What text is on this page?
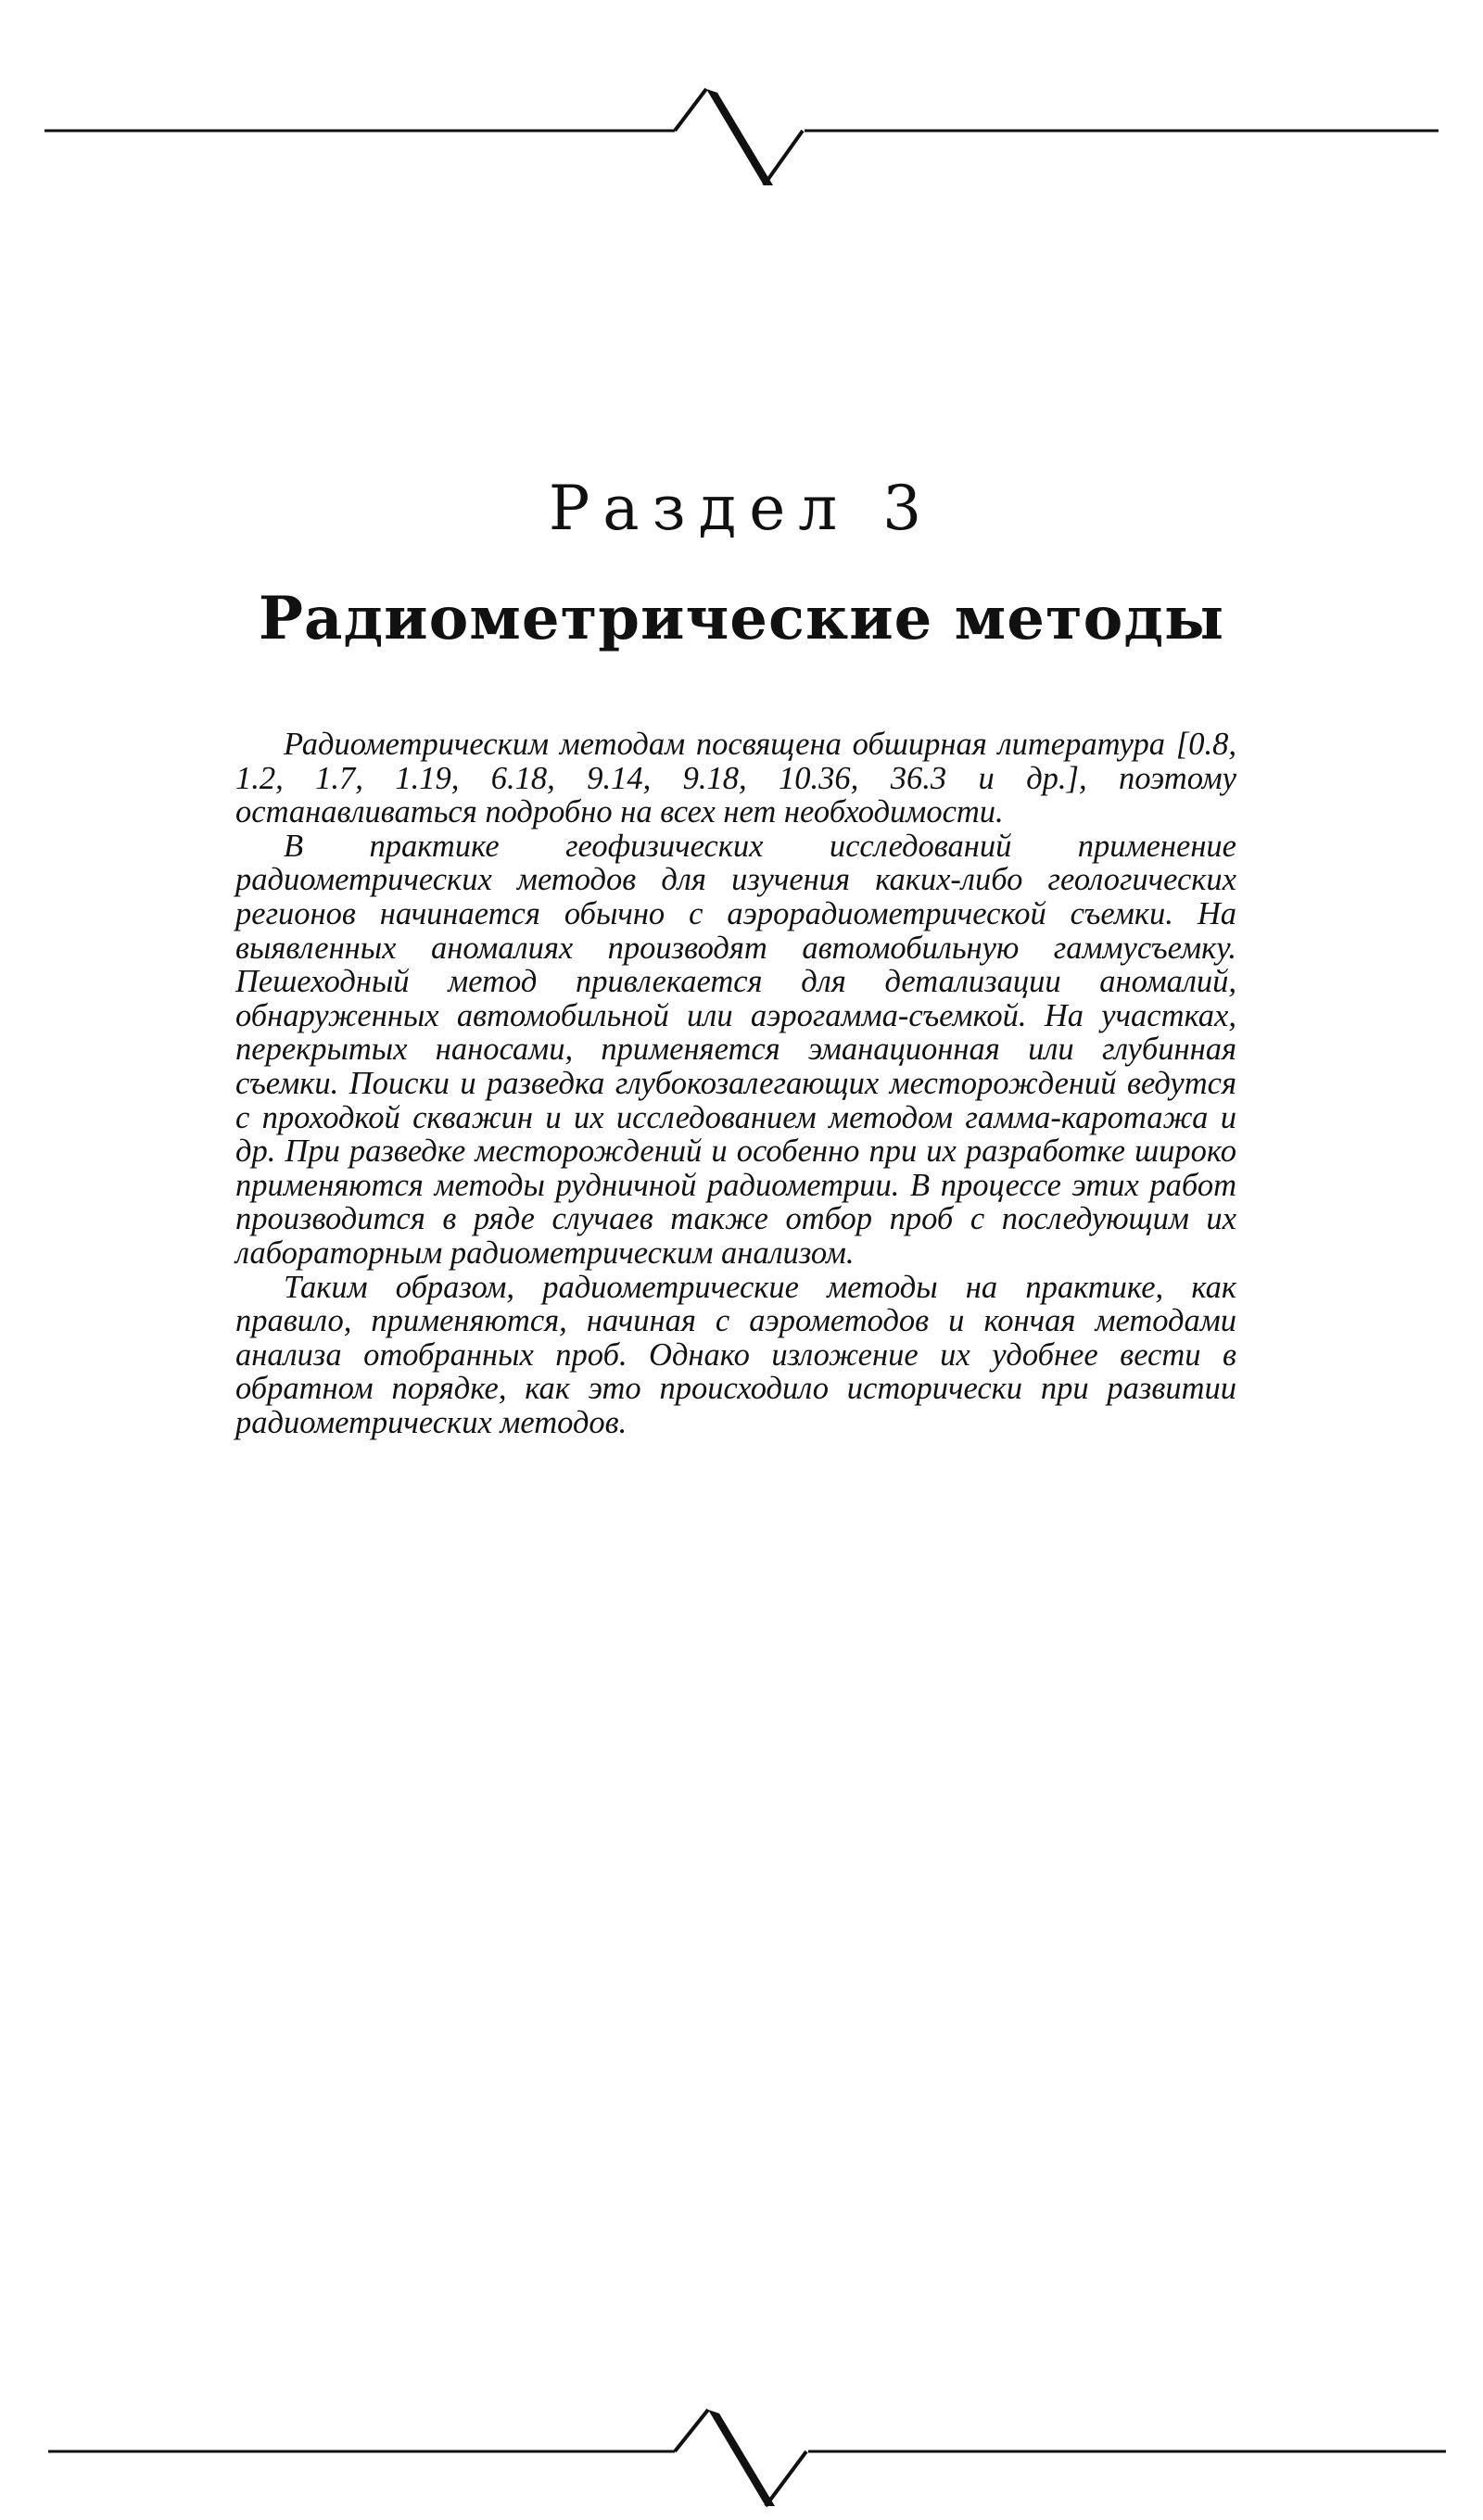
Раздел 3
Радиометрические методы

Радиометрическим методам посвящена обширная литература [0.8, 1.2, 1.7, 1.19, 6.18, 9.14, 9.18, 10.36, 36.3 и др.], поэтому останавливаться подробно на всех нет необходимости.

В практике геофизических исследований применение радиометрических методов для изучения каких-либо геологических регионов начинается обычно с аэрорадиометрической съемки. На выявленных аномалиях производят автомобильную гаммусъемку. Пешеходный метод привлекается для детализации аномалий, обнаруженных автомобильной или аэрогамма-съемкой. На участках, перекрытых наносами, применяется эманационная или глубинная съемки. Поиски и разведка глубокозалегающих месторождений ведутся с проходкой скважин и их исследованием методом гамма-каротажа и др. При разведке месторождений и особенно при их разработке широко применяются методы рудничной радиометрии. В процессе этих работ производится в ряде случаев также отбор проб с последующим их лабораторным радиометрическим анализом.

Таким образом, радиометрические методы на практике, как правило, применяются, начиная с аэрометодов и кончая методами анализа отобранных проб. Однако изложение их удобнее вести в обратном порядке, как это происходило исторически при развитии радиометрических методов.
